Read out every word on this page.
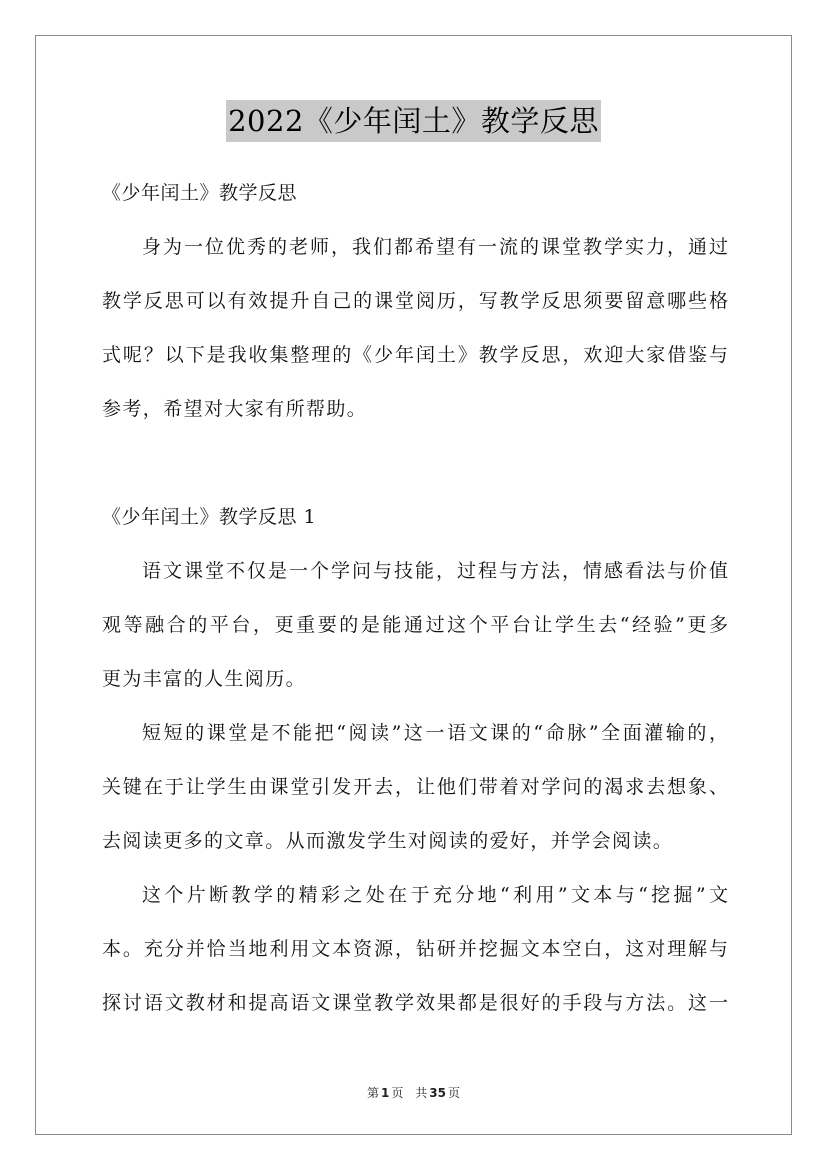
2022《少年闰土》教学反思
《少年闰土》教学反思
身为一位优秀的老师，我们都希望有一流的课堂教学实力，通过
教学反思可以有效提升自己的课堂阅历，写教学反思须要留意哪些格
式呢？以下是我收集整理的《少年闰土》教学反思，欢迎大家借鉴与
参考，希望对大家有所帮助。
《少年闰土》教学反思 1
语文课堂不仅是一个学问与技能，过程与方法，情感看法与价值
观等融合的平台，更重要的是能通过这个平台让学生去“经验”更多
更为丰富的人生阅历。
短短的课堂是不能把“阅读”这一语文课的“命脉”全面灌输的，
关键在于让学生由课堂引发开去，让他们带着对学问的渴求去想象、
去阅读更多的文章。从而激发学生对阅读的爱好，并学会阅读。
这个片断教学的精彩之处在于充分地“利用”文本与“挖掘”文
本。充分并恰当地利用文本资源，钻研并挖掘文本空白，这对理解与
探讨语文教材和提高语文课堂教学效果都是很好的手段与方法。这一
第 1 页 共 35 页
